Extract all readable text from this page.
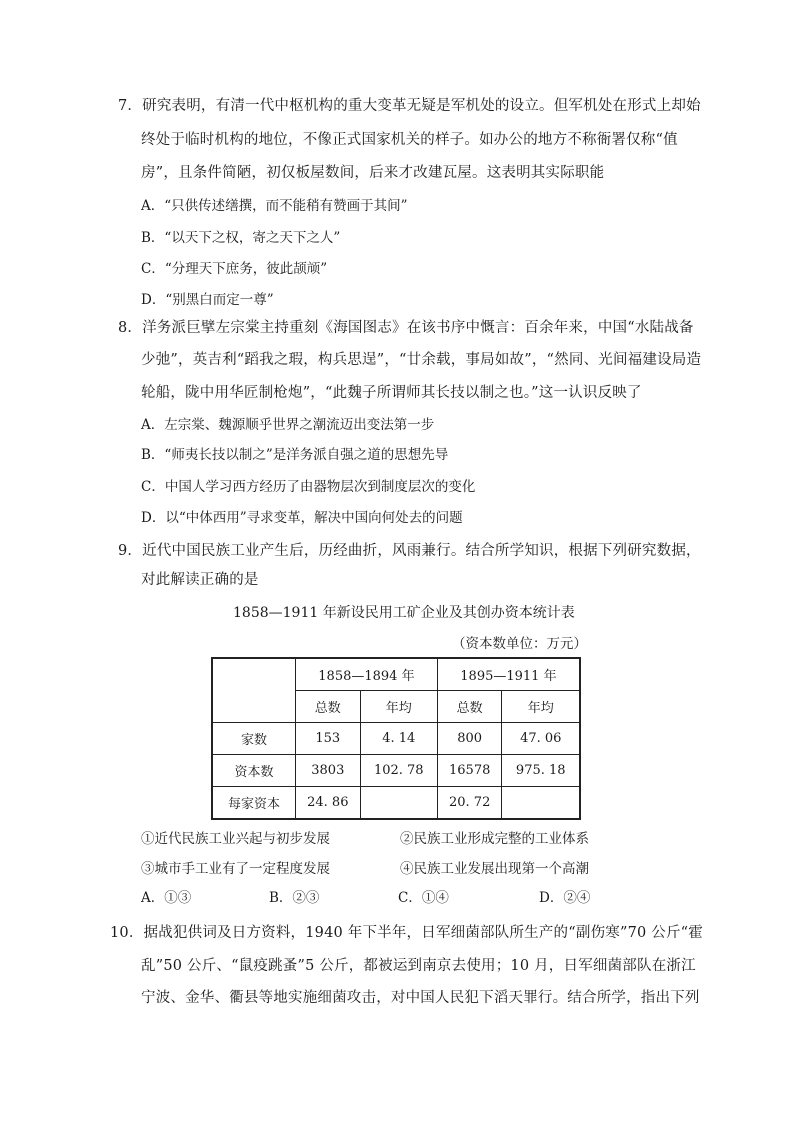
7．研究表明，有清一代中枢机构的重大变革无疑是军机处的设立。但军机处在形式上却始
终处于临时机构的地位，不像正式国家机关的样子。如办公的地方不称衙署仅称“值
房”，且条件简陋，初仅板屋数间，后来才改建瓦屋。这表明其实际职能
A．“只供传述缮撰，而不能稍有赞画于其间”
B．“以天下之权，寄之天下之人”
C．“分理天下庶务，彼此颉颃”
D．“别黑白而定一尊”
8．洋务派巨擘左宗棠主持重刻《海国图志》在该书序中慨言：百余年来，中国“水陆战备
少弛”，英吉利“蹈我之瑕，构兵思逞”，“廿余载，事局如故”，“然同、光间福建设局造
轮船，陇中用华匠制枪炮”，“此魏子所谓师其长技以制之也。”这一认识反映了
A．左宗棠、魏源顺乎世界之潮流迈出变法第一步
B．“师夷长技以制之”是洋务派自强之道的思想先导
C．中国人学习西方经历了由器物层次到制度层次的变化
D．以“中体西用”寻求变革，解决中国向何处去的问题
9．近代中国民族工业产生后，历经曲折，风雨兼行。结合所学知识，根据下列研究数据，
对此解读正确的是
1858—1911 年新设民用工矿企业及其创办资本统计表
（资本数单位：万元）
	1858—1894 年		1895—1911 年	
	总数	年均	总数	年均
家数	153	4. 14	800	47. 06
资本数	3803	102. 78	16578	975. 18
每家资本	24. 86		20. 72	
①近代民族工业兴起与初步发展	②民族工业形成完整的工业体系
③城市手工业有了一定程度发展	④民族工业发展出现第一个高潮
A．①③	B．②③	C．①④	D．②④
10．据战犯供词及日方资料，1940 年下半年，日军细菌部队所生产的“副伤寒”70 公斤“霍
乱”50 公斤、“鼠疫跳蚤”5 公斤，都被运到南京去使用；10 月，日军细菌部队在浙江
宁波、金华、衢县等地实施细菌攻击，对中国人民犯下滔天罪行。结合所学，指出下列
